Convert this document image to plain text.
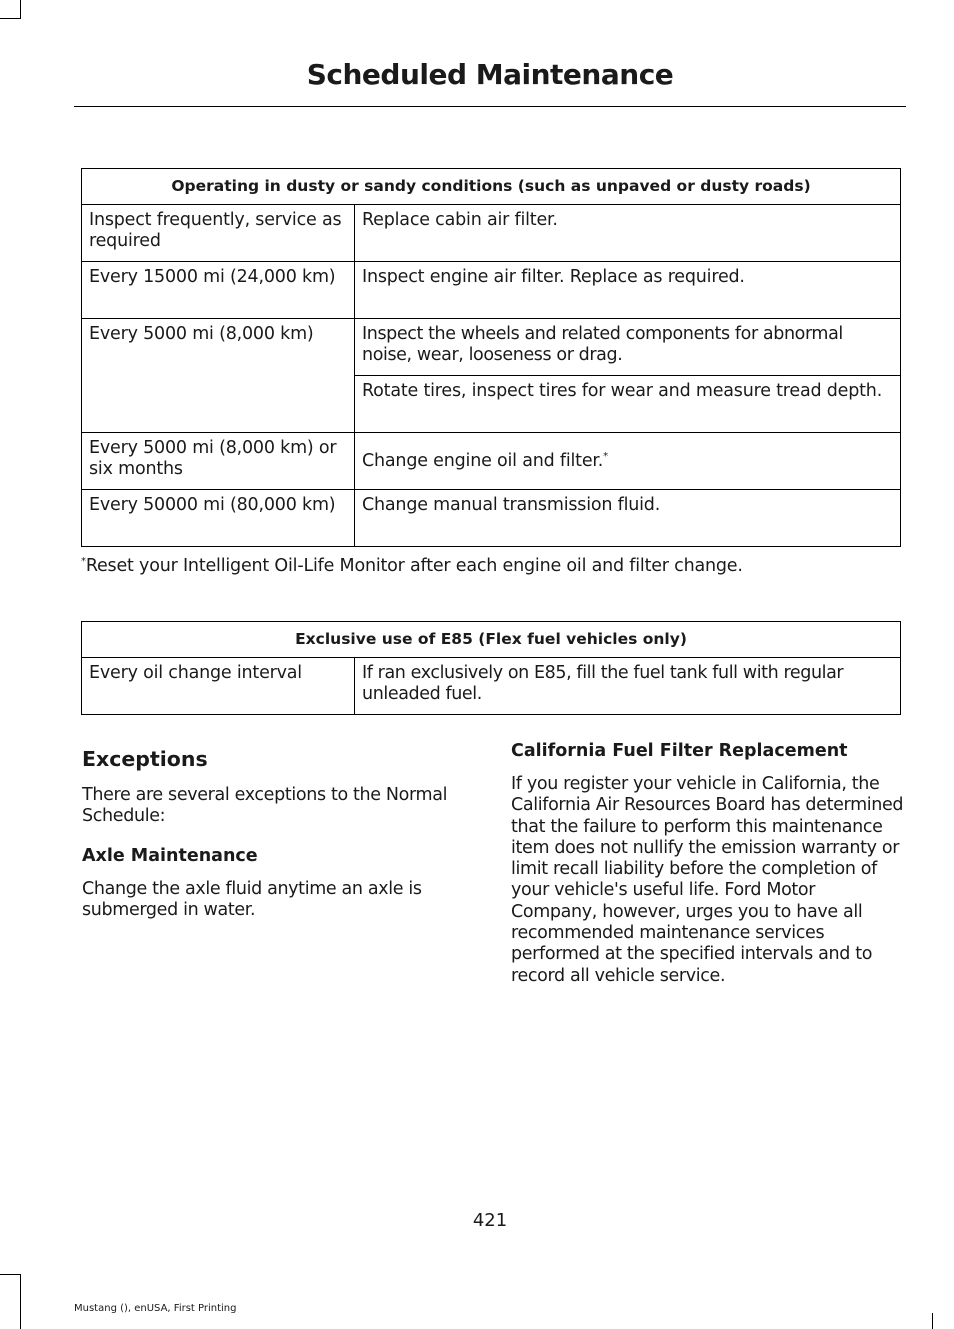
Scheduled Maintenance
Operating in dusty or sandy conditions (such as unpaved or dusty roads)	
Inspect frequently, service as required	Replace cabin air filter.
Every 15000 mi (24,000 km)	Inspect engine air filter. Replace as required.
Every 5000 mi (8,000 km)	Inspect the wheels and related components for abnormal noise, wear, looseness or drag.
	Rotate tires, inspect tires for wear and measure tread depth.
Every 5000 mi (8,000 km) or six months	Change engine oil and filter.*
Every 50000 mi (80,000 km)	Change manual transmission fluid.
*Reset your Intelligent Oil-Life Monitor after each engine oil and filter change.
Exclusive use of E85 (Flex fuel vehicles only)
Every oil change interval	If ran exclusively on E85, fill the fuel tank full with regular unleaded fuel.
Exceptions
There are several exceptions to the Normal Schedule:
Axle Maintenance
Change the axle fluid anytime an axle is submerged in water.
California Fuel Filter Replacement
If you register your vehicle in California, the California Air Resources Board has determined that the failure to perform this maintenance item does not nullify the emission warranty or limit recall liability before the completion of your vehicle's useful life. Ford Motor Company, however, urges you to have all recommended maintenance services performed at the specified intervals and to record all vehicle service.
421
Mustang (), enUSA, First Printing
